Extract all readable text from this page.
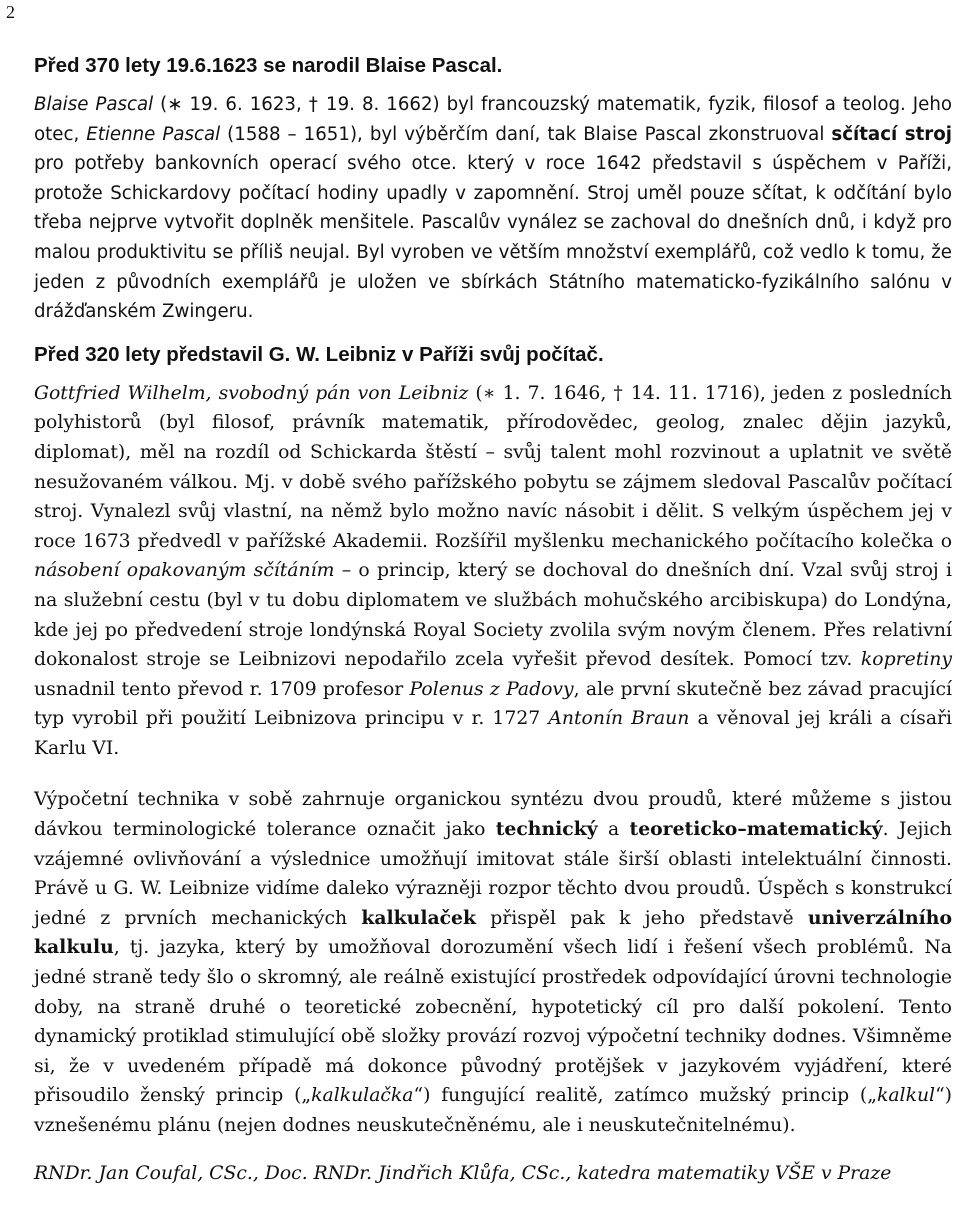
2
Před 370 lety 19.6.1623 se narodil Blaise Pascal.

Blaise Pascal (∗ 19. 6. 1623, † 19. 8. 1662) byl francouzský matematik, fyzik, filosof a teolog. Jeho otec, Etienne Pascal (1588 – 1651), byl výběrčím daní, tak Blaise Pascal zkonstruoval sčítací stroj pro potřeby bankovních operací svého otce. který v roce 1642 představil s úspěchem v Paříži, protože Schickardovy počítací hodiny upadly v zapomnění. Stroj uměl pouze sčítat, k odčítání bylo třeba nejprve vytvořit doplněk menšitele. Pascalův vynález se zachoval do dnešních dnů, i když pro malou produktivitu se příliš neujal. Byl vyroben ve větším množství exemplářů, což vedlo k tomu, že jeden z původních exemplářů je uložen ve sbírkách Státního matematicko-fyzikálního salónu v drážďanském Zwingeru.

Před 320 lety představil G. W. Leibniz v Paříži svůj počítač.

Gottfried Wilhelm, svobodný pán von Leibniz (∗ 1. 7. 1646, † 14. 11. 1716), jeden z posledních polyhistorů (byl filosof, právník matematik, přírodovědec, geolog, znalec dějin jazyků, diplomat), měl na rozdíl od Schickarda štěstí – svůj talent mohl rozvinout a uplatnit ve světě nesužovaném válkou. Mj. v době svého pařížského pobytu se zájmem sledoval Pascalův počítací stroj. Vynalezl svůj vlastní, na němž bylo možno navíc násobit i dělit. S velkým úspěchem jej v roce 1673 předvedl v pařížské Akademii. Rozšířil myšlenku mechanického počítacího kolečka o násobení opakovaným sčítáním – o princip, který se dochoval do dnešních dní. Vzal svůj stroj i na služební cestu (byl v tu dobu diplomatem ve službách mohučského arcibiskupa) do Londýna, kde jej po předvedení stroje londýnská Royal Society zvolila svým novým členem. Přes relativní dokonalost stroje se Leibnizovi nepodařilo zcela vyřešit převod desítek. Pomocí tzv. kopretiny usnadnil tento převod r. 1709 profesor Polenus z Padovy, ale první skutečně bez závad pracující typ vyrobil při použití Leibnizova principu v r. 1727 Antonín Braun a věnoval jej králi a císaři Karlu VI.

Výpočetní technika v sobě zahrnuje organickou syntézu dvou proudů, které můžeme s jistou dávkou terminologické tolerance označit jako technický a teoreticko–matematický. Jejich vzájemné ovlivňování a výslednice umožňují imitovat stále širší oblasti intelektuální činnosti. Právě u G. W. Leibnize vidíme daleko výrazněji rozpor těchto dvou proudů. Úspěch s konstrukcí jedné z prvních mechanických kalkulaček přispěl pak k jeho představě univerzálního kalkulu, tj. jazyka, který by umožňoval dorozumění všech lidí i řešení všech problémů. Na jedné straně tedy šlo o skromný, ale reálně existující prostředek odpovídající úrovni technologie doby, na straně druhé o teoretické zobecnění, hypotetický cíl pro další pokolení. Tento dynamický protiklad stimulující obě složky provází rozvoj výpočetní techniky dodnes. Všimněme si, že v uvedeném případě má dokonce původný protějšek v jazykovém vyjádření, které přisoudilo ženský princip („kalkulačka“) fungující realitě, zatímco mužský princip („kalkul“) vznešenému plánu (nejen dodnes neuskutečněnému, ale i neuskutečnitelnému).

RNDr. Jan Coufal, CSc., Doc. RNDr. Jindřich Klůfa, CSc., katedra matematiky VŠE v Praze
